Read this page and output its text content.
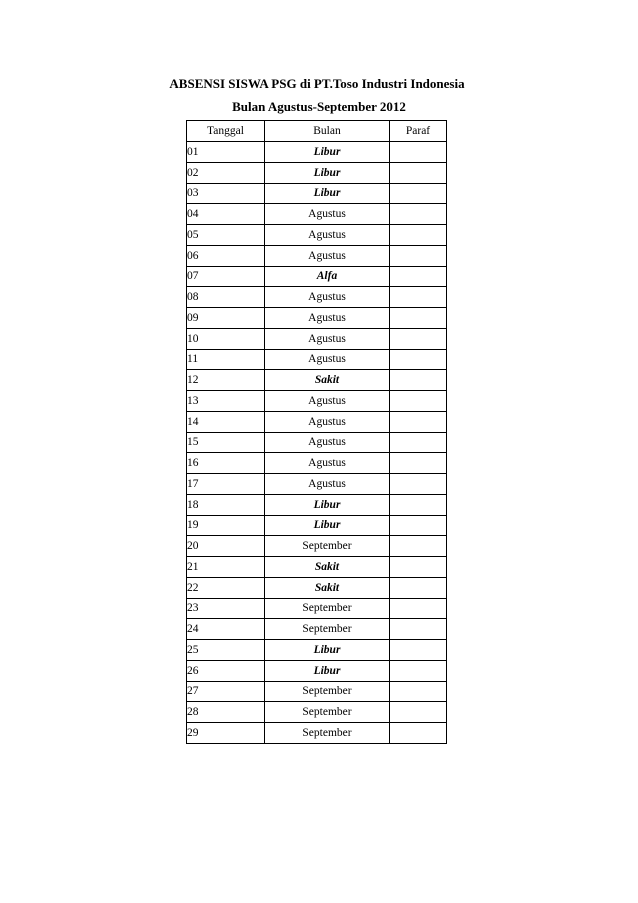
ABSENSI SISWA PSG di PT.Toso Industri Indonesia
Bulan Agustus-September 2012
Tanggal	Bulan	Paraf
01	Libur	
02	Libur	
03	Libur	
04	Agustus	
05	Agustus	
06	Agustus	
07	Alfa	
08	Agustus	
09	Agustus	
10	Agustus	
11	Agustus	
12	Sakit	
13	Agustus	
14	Agustus	
15	Agustus	
16	Agustus	
17	Agustus	
18	Libur	
19	Libur	
20	September	
21	Sakit	
22	Sakit	
23	September	
24	September	
25	Libur	
26	Libur	
27	September	
28	September	
29	September	
